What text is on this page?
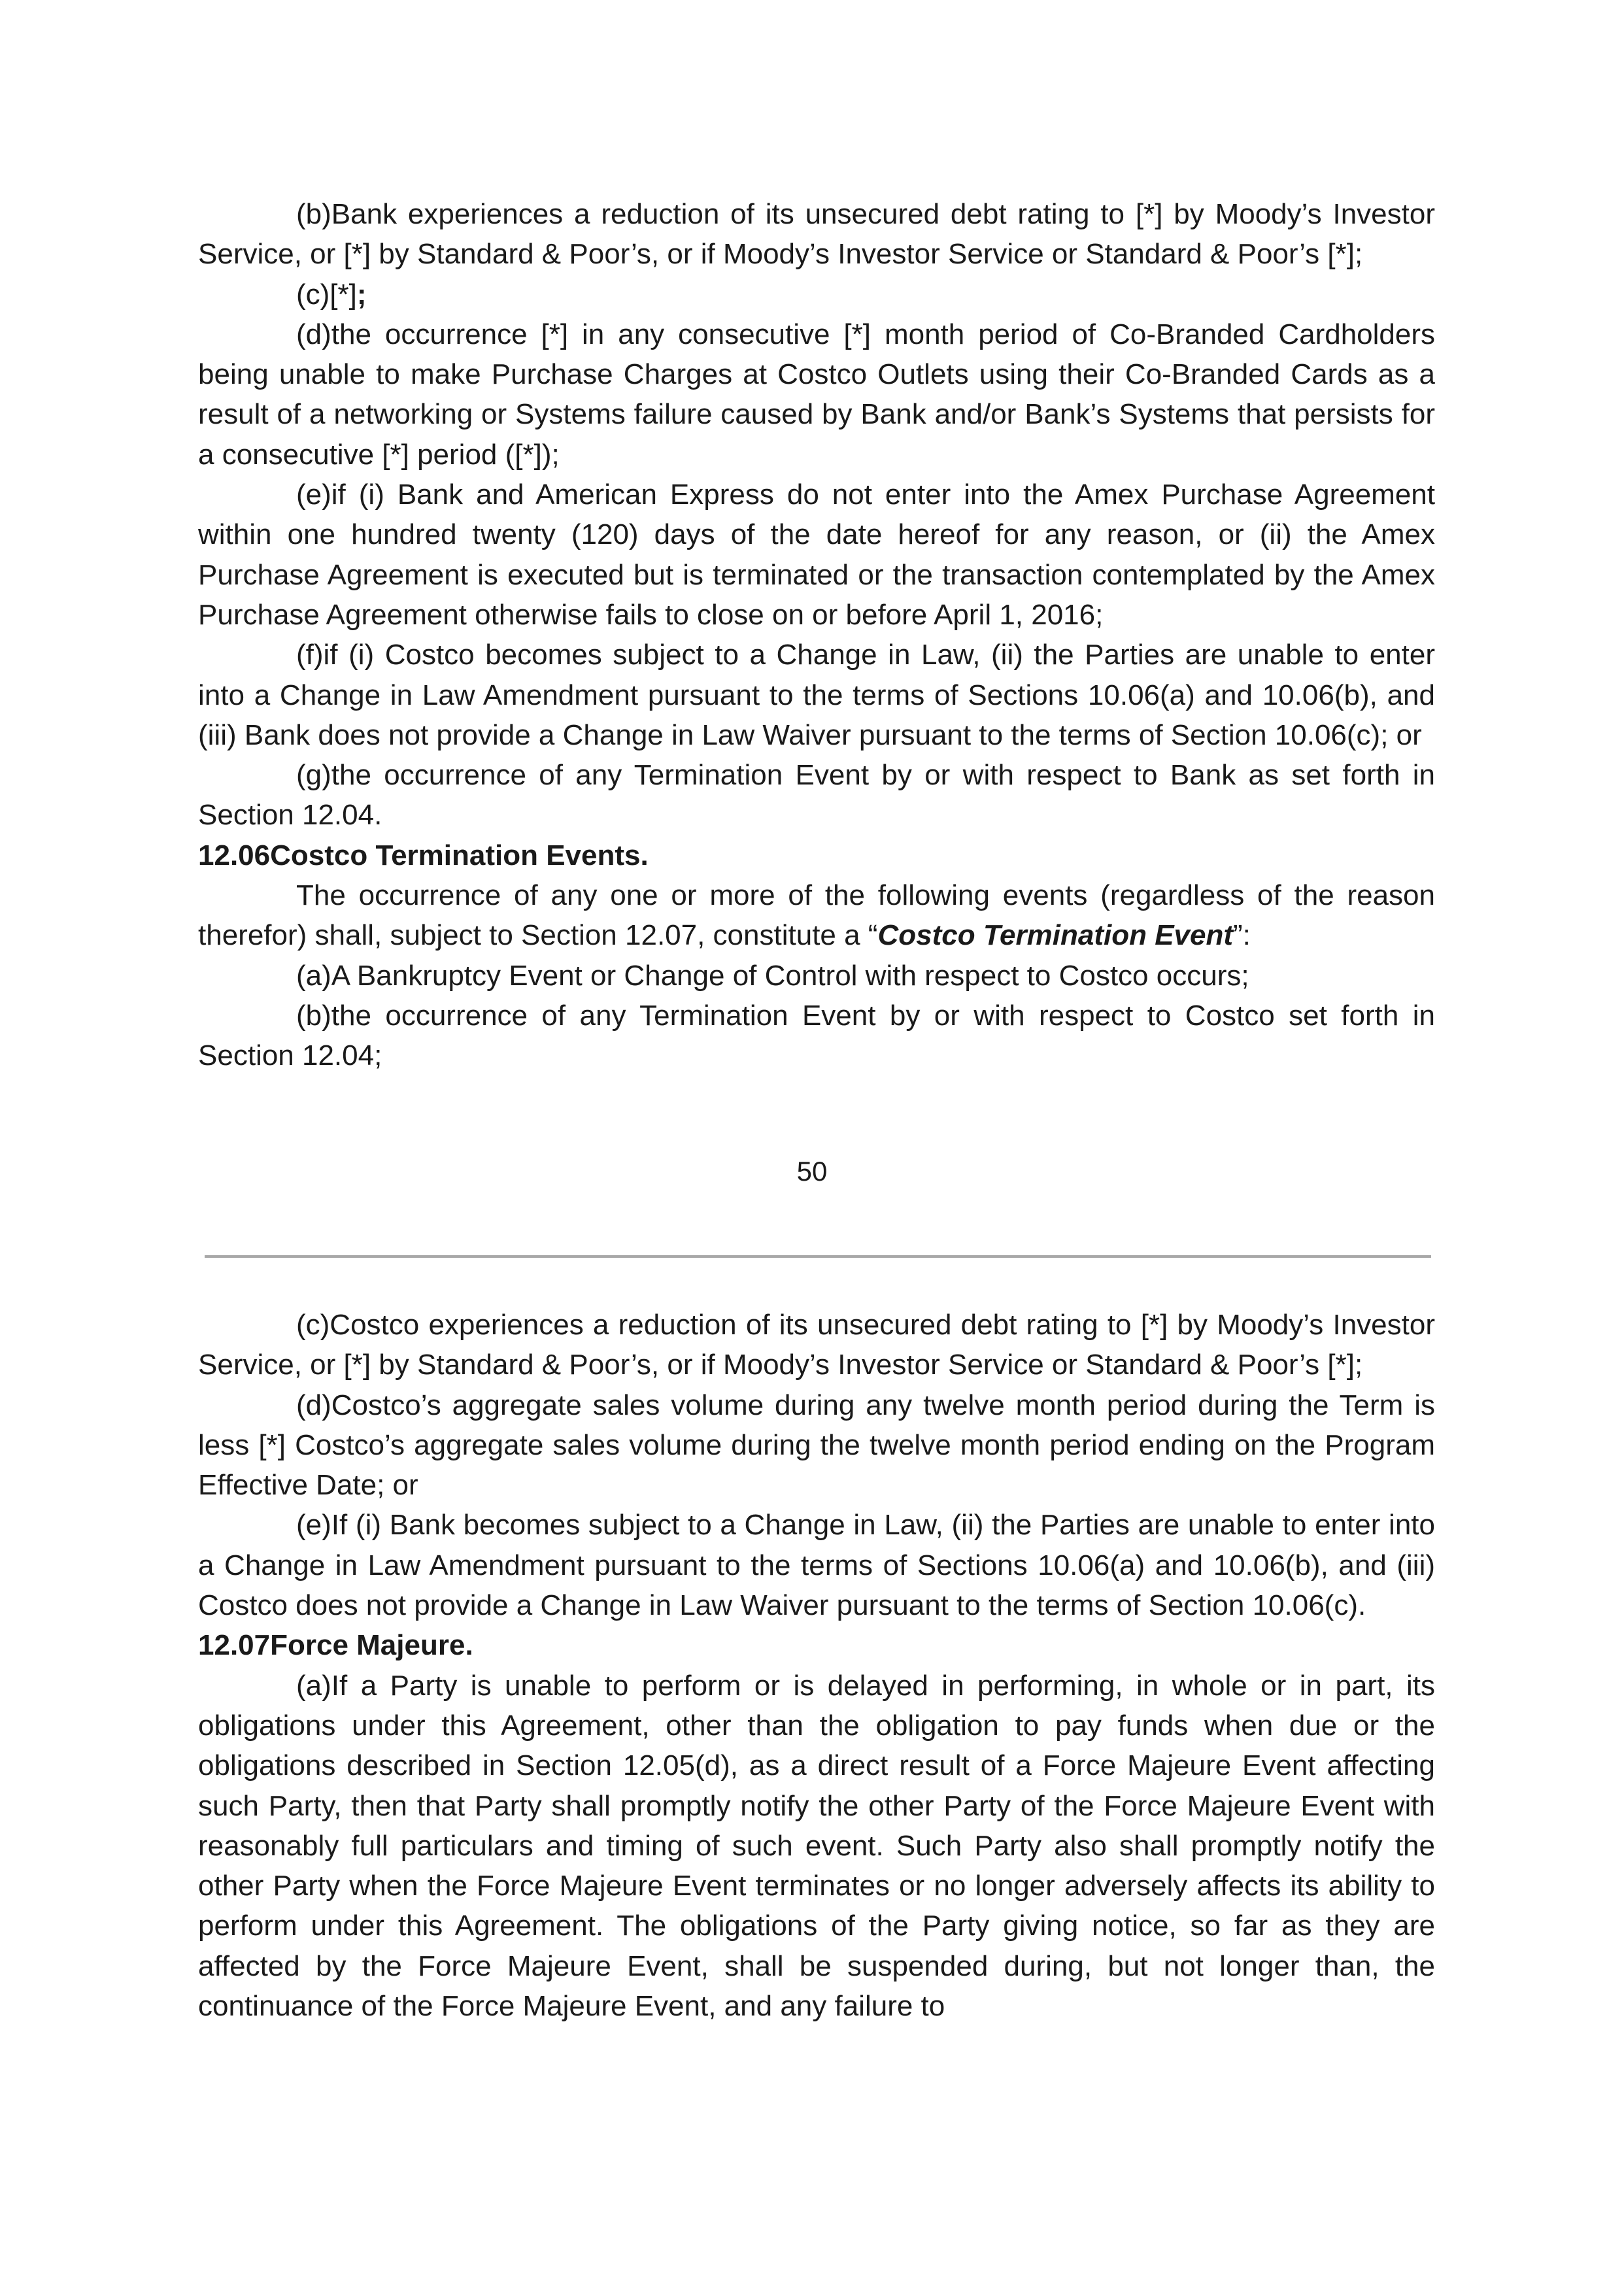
(b)Bank experiences a reduction of its unsecured debt rating to [*] by Moody’s Investor Service, or [*] by Standard & Poor’s, or if Moody’s Investor Service or Standard & Poor’s [*];

(c)[*];

(d)the occurrence [*] in any consecutive [*] month period of Co-Branded Cardholders being unable to make Purchase Charges at Costco Outlets using their Co-Branded Cards as a result of a networking or Systems failure caused by Bank and/or Bank’s Systems that persists for a consecutive [*] period ([*]);

(e)if (i) Bank and American Express do not enter into the Amex Purchase Agreement within one hundred twenty (120) days of the date hereof for any reason, or (ii) the Amex Purchase Agreement is executed but is terminated or the transaction contemplated by the Amex Purchase Agreement otherwise fails to close on or before April 1, 2016;

(f)if (i) Costco becomes subject to a Change in Law, (ii) the Parties are unable to enter into a Change in Law Amendment pursuant to the terms of Sections 10.06(a) and 10.06(b), and (iii) Bank does not provide a Change in Law Waiver pursuant to the terms of Section 10.06(c); or

(g)the occurrence of any Termination Event by or with respect to Bank as set forth in Section 12.04.

12.06Costco Termination Events.

The occurrence of any one or more of the following events (regardless of the reason therefor) shall, subject to Section 12.07, constitute a “Costco Termination Event”:

(a)A Bankruptcy Event or Change of Control with respect to Costco occurs;

(b)the occurrence of any Termination Event by or with respect to Costco set forth in Section 12.04;

50

(c)Costco experiences a reduction of its unsecured debt rating to [*] by Moody’s Investor Service, or [*] by Standard & Poor’s, or if Moody’s Investor Service or Standard & Poor’s [*];

(d)Costco’s aggregate sales volume during any twelve month period during the Term is less [*] Costco’s aggregate sales volume during the twelve month period ending on the Program Effective Date; or

(e)If (i) Bank becomes subject to a Change in Law, (ii) the Parties are unable to enter into a Change in Law Amendment pursuant to the terms of Sections 10.06(a) and 10.06(b), and (iii) Costco does not provide a Change in Law Waiver pursuant to the terms of Section 10.06(c).

12.07Force Majeure.

(a)If a Party is unable to perform or is delayed in performing, in whole or in part, its obligations under this Agreement, other than the obligation to pay funds when due or the obligations described in Section 12.05(d), as a direct result of a Force Majeure Event affecting such Party, then that Party shall promptly notify the other Party of the Force Majeure Event with reasonably full particulars and timing of such event. Such Party also shall promptly notify the other Party when the Force Majeure Event terminates or no longer adversely affects its ability to perform under this Agreement. The obligations of the Party giving notice, so far as they are affected by the Force Majeure Event, shall be suspended during, but not longer than, the continuance of the Force Majeure Event, and any failure to
